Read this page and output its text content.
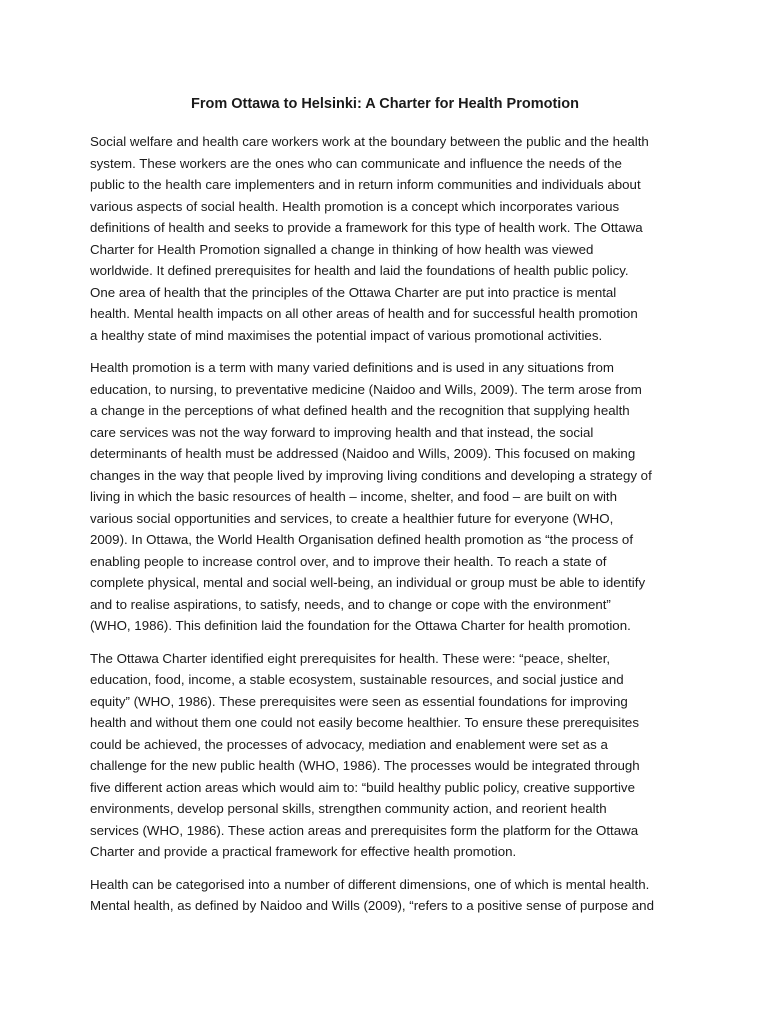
From Ottawa to Helsinki: A Charter for Health Promotion

Social welfare and health care workers work at the boundary between the public and the health
system. These workers are the ones who can communicate and influence the needs of the
public to the health care implementers and in return inform communities and individuals about
various aspects of social health. Health promotion is a concept which incorporates various
definitions of health and seeks to provide a framework for this type of health work. The Ottawa
Charter for Health Promotion signalled a change in thinking of how health was viewed
worldwide. It defined prerequisites for health and laid the foundations of health public policy.
One area of health that the principles of the Ottawa Charter are put into practice is mental
health. Mental health impacts on all other areas of health and for successful health promotion
a healthy state of mind maximises the potential impact of various promotional activities.

Health promotion is a term with many varied definitions and is used in any situations from
education, to nursing, to preventative medicine (Naidoo and Wills, 2009). The term arose from
a change in the perceptions of what defined health and the recognition that supplying health
care services was not the way forward to improving health and that instead, the social
determinants of health must be addressed (Naidoo and Wills, 2009). This focused on making
changes in the way that people lived by improving living conditions and developing a strategy of
living in which the basic resources of health – income, shelter, and food – are built on with
various social opportunities and services, to create a healthier future for everyone (WHO,
2009). In Ottawa, the World Health Organisation defined health promotion as “the process of
enabling people to increase control over, and to improve their health. To reach a state of
complete physical, mental and social well-being, an individual or group must be able to identify
and to realise aspirations, to satisfy, needs, and to change or cope with the environment”
(WHO, 1986). This definition laid the foundation for the Ottawa Charter for health promotion.

The Ottawa Charter identified eight prerequisites for health. These were: “peace, shelter,
education, food, income, a stable ecosystem, sustainable resources, and social justice and
equity” (WHO, 1986). These prerequisites were seen as essential foundations for improving
health and without them one could not easily become healthier. To ensure these prerequisites
could be achieved, the processes of advocacy, mediation and enablement were set as a
challenge for the new public health (WHO, 1986). The processes would be integrated through
five different action areas which would aim to: “build healthy public policy, creative supportive
environments, develop personal skills, strengthen community action, and reorient health
services (WHO, 1986). These action areas and prerequisites form the platform for the Ottawa
Charter and provide a practical framework for effective health promotion.

Health can be categorised into a number of different dimensions, one of which is mental health.
Mental health, as defined by Naidoo and Wills (2009), “refers to a positive sense of purpose and
